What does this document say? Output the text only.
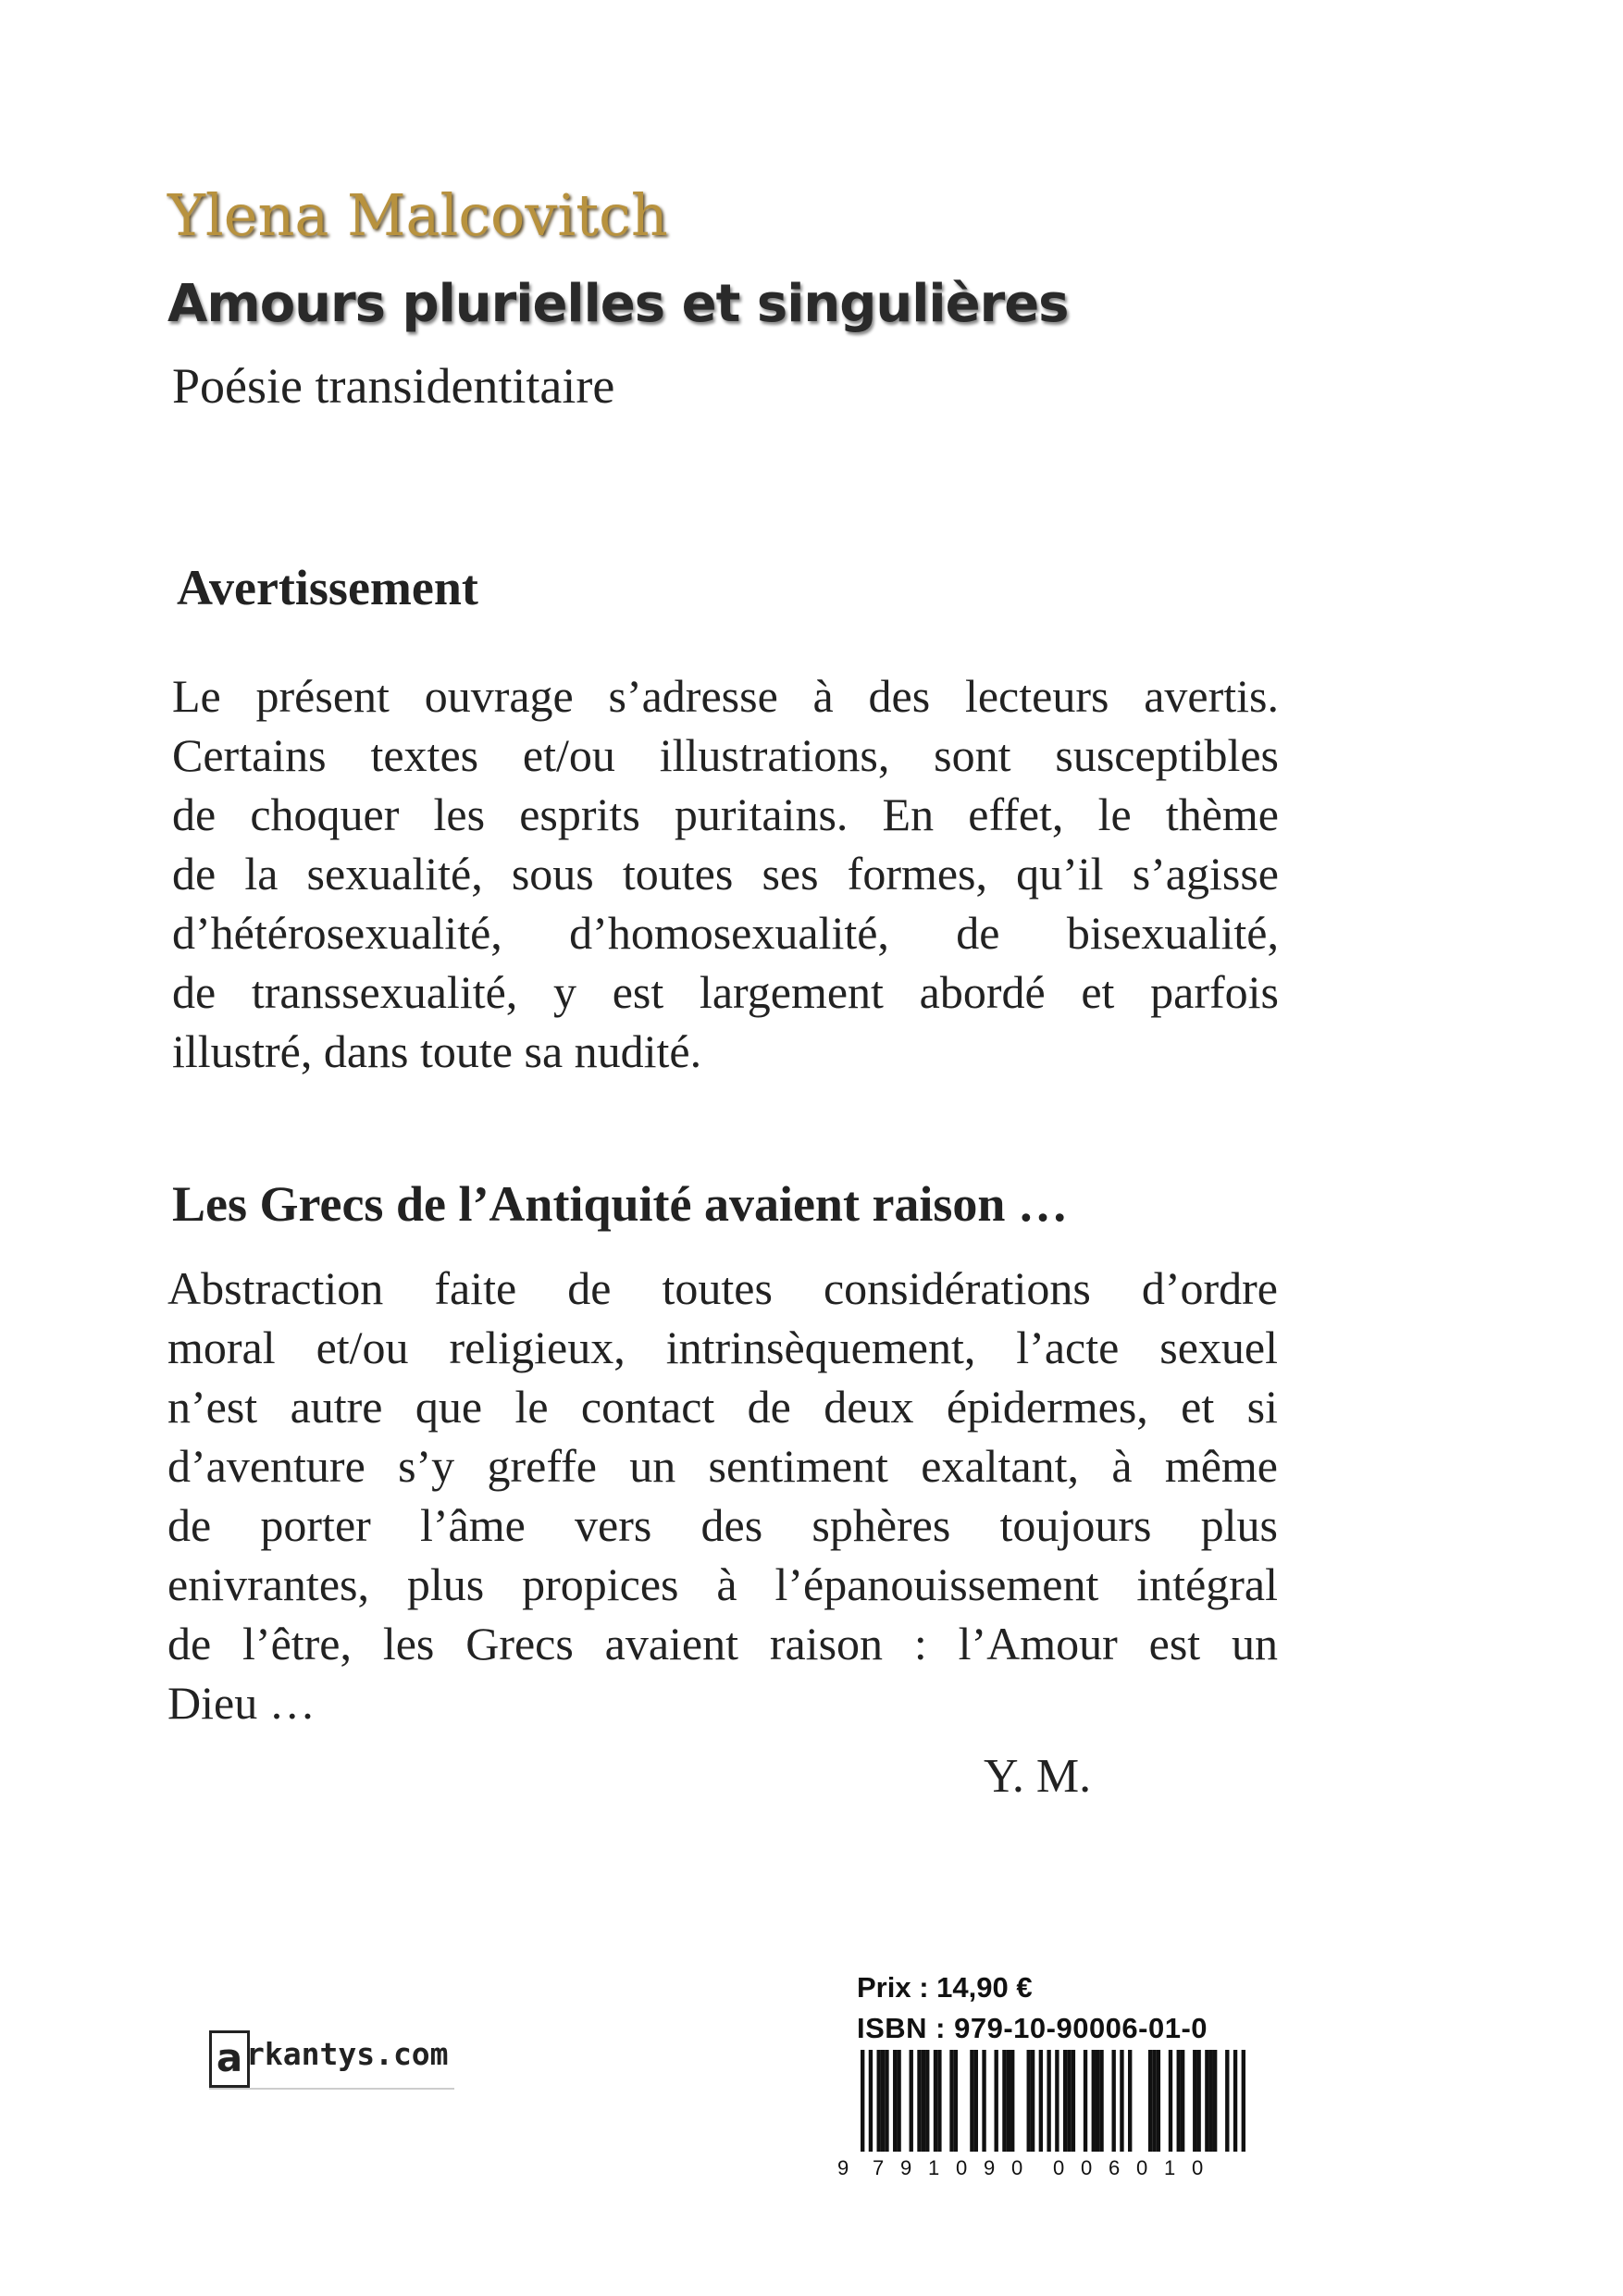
Ylena Malcovitch
Amours plurielles et singulières
Poésie transidentitaire
Avertissement
Le présent ouvrage s’adresse à des lecteurs avertis.
Certains textes et/ou illustrations, sont susceptibles
de choquer les esprits puritains. En effet, le thème
de la sexualité, sous toutes ses formes, qu’il s’agisse
d’hétérosexualité, d’homosexualité, de bisexualité,
de transsexualité, y est largement abordé et parfois
illustré, dans toute sa nudité.
Les Grecs de l’Antiquité avaient raison …
Abstraction faite de toutes considérations d’ordre
moral et/ou religieux, intrinsèquement, l’acte sexuel
n’est autre que le contact de deux épidermes, et si
d’aventure s’y greffe un sentiment exaltant, à même
de porter l’âme vers des sphères toujours plus
enivrantes, plus propices à l’épanouissement intégral
de l’être, les Grecs avaient raison : l’Amour est un
Dieu …
Y. M.
a rkantys.com
Prix : 14,90 €
ISBN : 979-10-90006-01-0
9 7 9 1 0 9 0 0 0 6 0 1 0
